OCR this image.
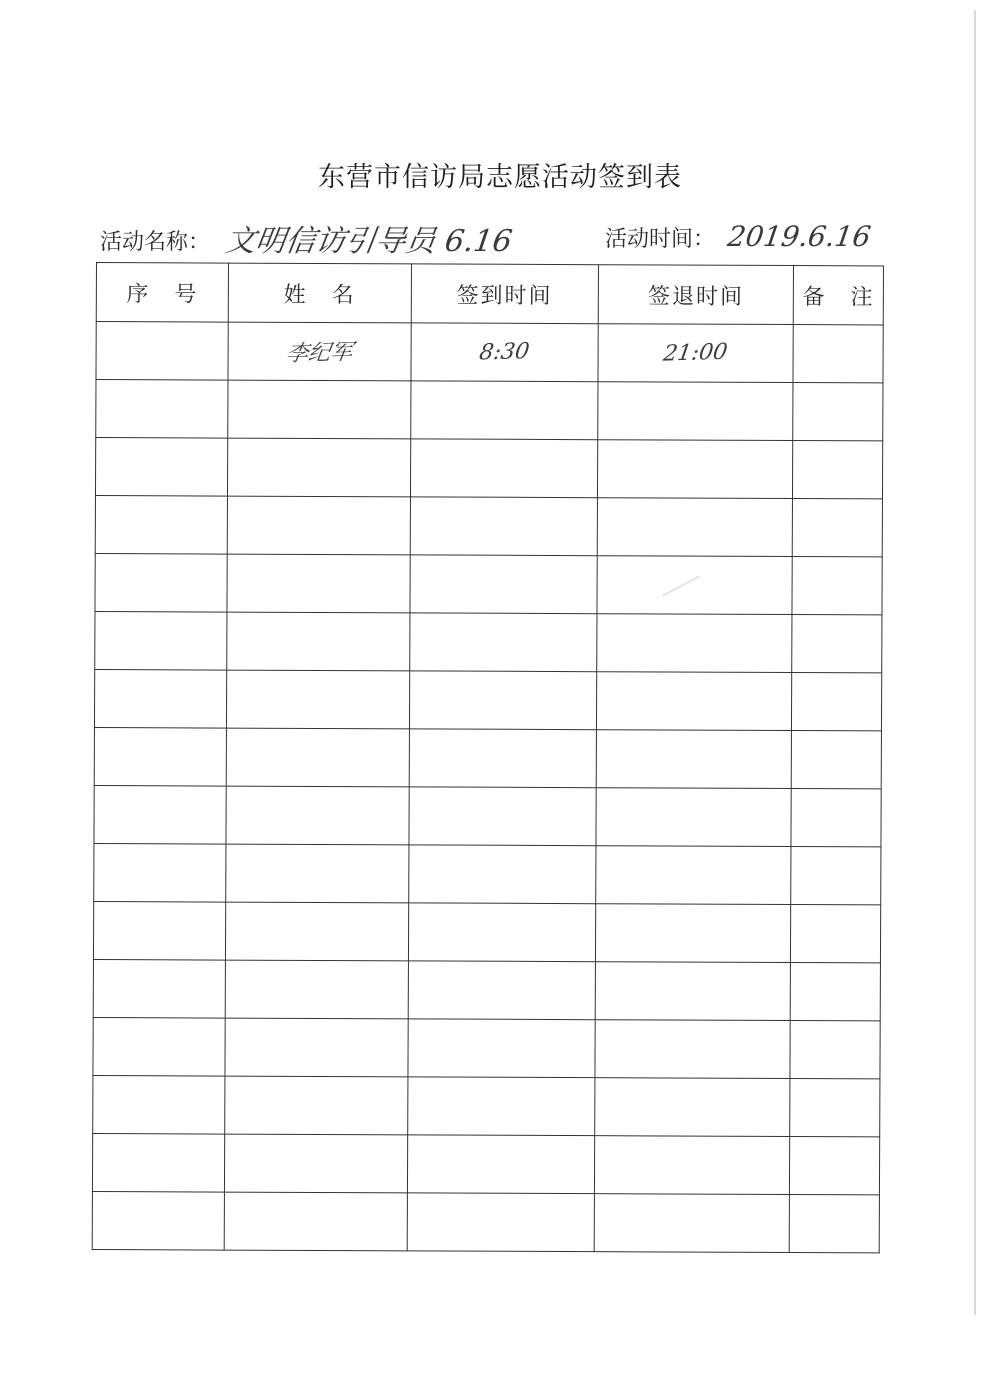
东营市信访局志愿活动签到表
活动名称： 文明信访引导员 6.16	活动时间： 2019.6.16
序　号	姓　名	签到时间	签退时间	备　注
	李纪军	8:30	21:00	
